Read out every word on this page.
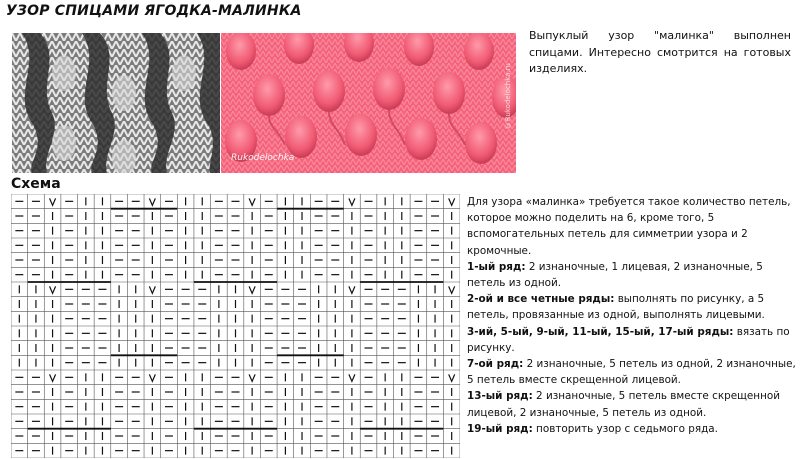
УЗОР СПИЦАМИ ЯГОДКА-МАЛИНКА
Rukodelochka
©Rukodelochka.ru
Выпуклый узор "малинка" выполнен спицами. Интересно смотрится на готовых изделиях.
Схема

Для узора «малинка» требуется такое количество петель, которое можно поделить на 6, кроме того, 5 вспомогательных петель для симметрии узора и 2 кромочные.

1-ый ряд: 2 изнаночные, 1 лицевая, 2 изнаночные, 5 петель из одной.

2-ой и все четные ряды: выполнять по рисунку, а 5 петель, провязанные из одной, выполнять лицевыми.

3-ий, 5-ый, 9-ый, 11-ый, 15-ый, 17-ый ряды: вязать по рисунку.

7-ой ряд: 2 изнаночные, 5 петель из одной, 2 изнаночные, 5 петель вместе скрещенной лицевой.

13-ый ряд: 2 изнаночные, 5 петель вместе скрещенной лицевой, 2 изнаночные, 5 петель из одной.

19-ый ряд: повторить узор с седьмого ряда.
